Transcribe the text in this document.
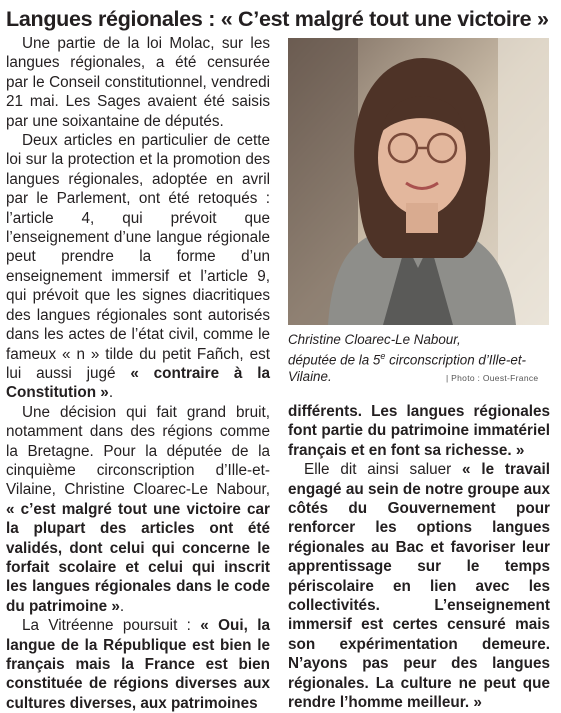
Langues régionales : « C’est malgré tout une victoire »

Une partie de la loi Molac, sur les langues régionales, a été censurée par le Conseil constitutionnel, vendredi 21 mai. Les Sages avaient été saisis par une soixantaine de députés.

Deux articles en particulier de cette loi sur la protection et la promotion des langues régionales, adoptée en avril par le Parlement, ont été retoqués : l’article 4, qui prévoit que l’enseignement d’une langue régionale peut prendre la forme d’un enseignement immersif et l’article 9, qui prévoit que les signes diacritiques des langues régionales sont autorisés dans les actes de l’état civil, comme le fameux « n » tilde du petit Fañch, est lui aussi jugé « contraire à la Constitution ».

Une décision qui fait grand bruit, notamment dans des régions comme la Bretagne. Pour la députée de la cinquième circonscription d’Ille-et-Vilaine, Christine Cloarec-Le Nabour, « c’est malgré tout une victoire car la plupart des articles ont été validés, dont celui qui concerne le forfait scolaire et celui qui inscrit les langues régionales dans le code du patrimoine ».

La Vitréenne poursuit : « Oui, la langue de la République est bien le français mais la France est bien constituée de régions diverses aux cultures diverses, aux patrimoines

Christine Cloarec-Le Nabour,
députée de la 5e circonscription d’Ille-et-Vilaine.	| Photo : Ouest-France

différents. Les langues régionales font partie du patrimoine immatériel français et en font sa richesse. »

Elle dit ainsi saluer « le travail engagé au sein de notre groupe aux côtés du Gouvernement pour renforcer les options langues régionales au Bac et favoriser leur apprentissage sur le temps périscolaire en lien avec les collectivités. L’enseignement immersif est certes censuré mais son expérimentation demeure. N’ayons pas peur des langues régionales. La culture ne peut que rendre l’homme meilleur. »
